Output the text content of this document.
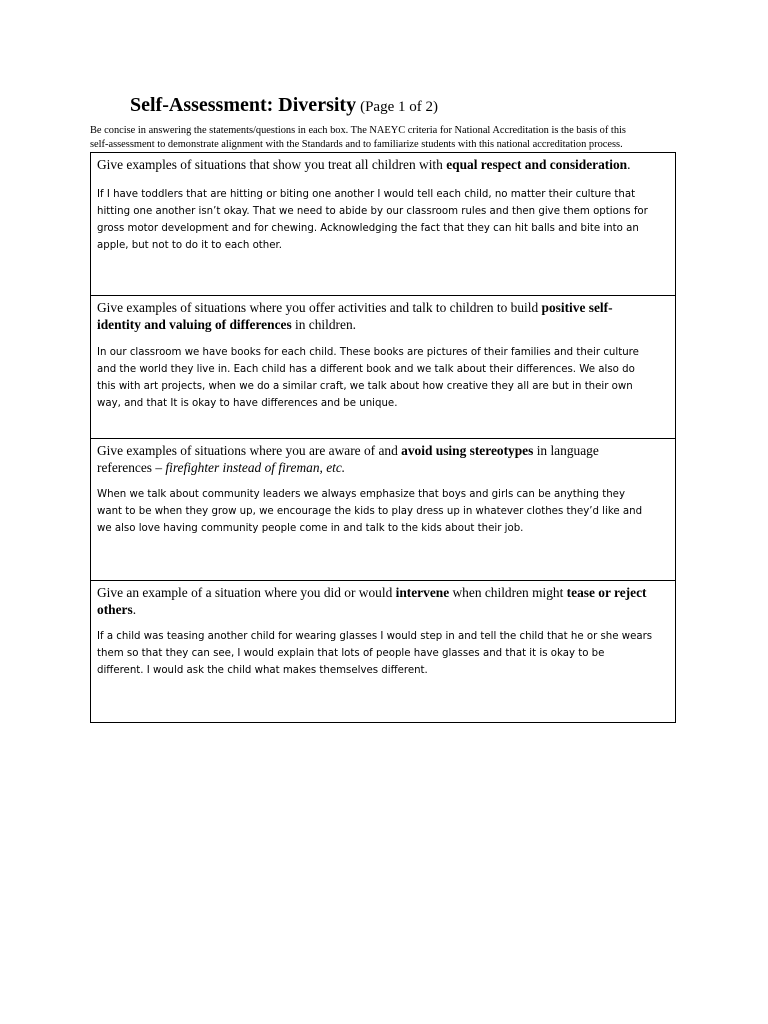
Self-Assessment: Diversity (Page 1 of 2)
Be concise in answering the statements/questions in each box. The NAEYC criteria for National Accreditation is the basis of this
self-assessment to demonstrate alignment with the Standards and to familiarize students with this national accreditation process.
Give examples of situations that show you treat all children with equal respect and consideration.
If I have toddlers that are hitting or biting one another I would tell each child, no matter their culture that
hitting one another isn’t okay. That we need to abide by our classroom rules and then give them options for
gross motor development and for chewing. Acknowledging the fact that they can hit balls and bite into an
apple, but not to do it to each other.
Give examples of situations where you offer activities and talk to children to build positive self-
identity and valuing of differences in children.
In our classroom we have books for each child. These books are pictures of their families and their culture
and the world they live in. Each child has a different book and we talk about their differences. We also do
this with art projects, when we do a similar craft, we talk about how creative they all are but in their own
way, and that It is okay to have differences and be unique.
Give examples of situations where you are aware of and avoid using stereotypes in language
references – firefighter instead of fireman, etc.
When we talk about community leaders we always emphasize that boys and girls can be anything they
want to be when they grow up, we encourage the kids to play dress up in whatever clothes they’d like and
we also love having community people come in and talk to the kids about their job.
Give an example of a situation where you did or would intervene when children might tease or reject
others.
If a child was teasing another child for wearing glasses I would step in and tell the child that he or she wears
them so that they can see, I would explain that lots of people have glasses and that it is okay to be
different. I would ask the child what makes themselves different.
